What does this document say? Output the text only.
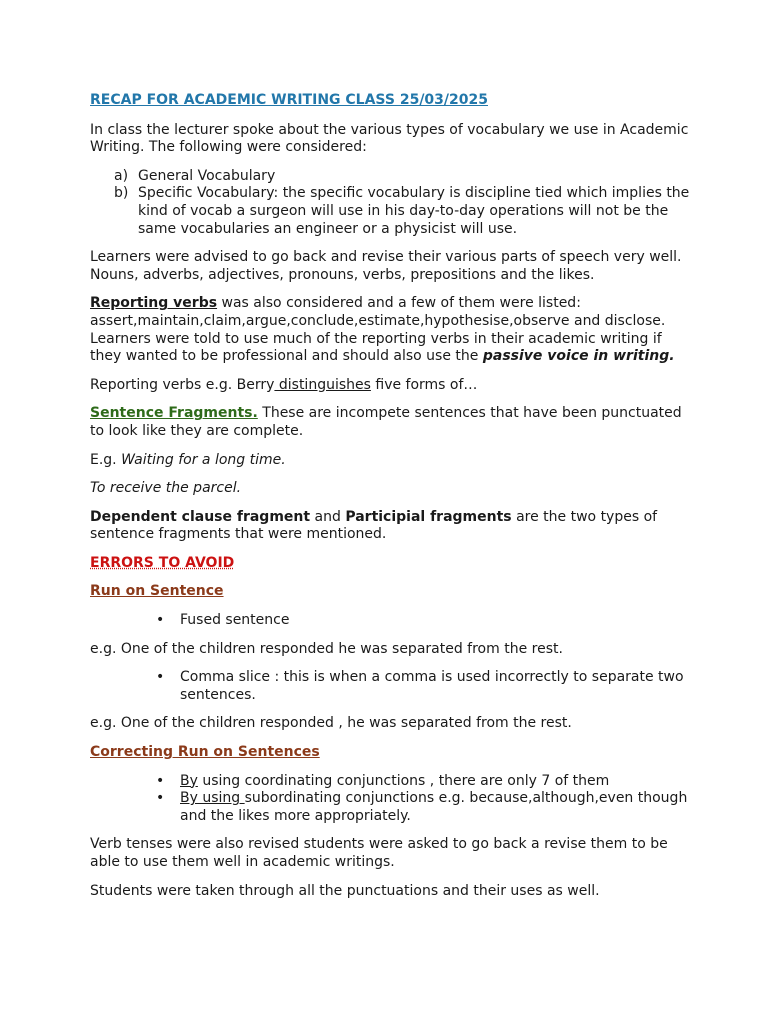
RECAP FOR ACADEMIC WRITING CLASS 25/03/2025

In class the lecturer spoke about the various types of vocabulary we use in Academic Writing. The following were considered:

a) General Vocabulary
b) Specific Vocabulary: the specific vocabulary is discipline tied which implies the kind of vocab a surgeon will use in his day-to-day operations will not be the same vocabularies an engineer or a physicist will use.

Learners were advised to go back and revise their various parts of speech very well. Nouns, adverbs, adjectives, pronouns, verbs, prepositions and the likes.

Reporting verbs was also considered and a few of them were listed: assert,maintain,claim,argue,conclude,estimate,hypothesise,observe and disclose. Learners were told to use much of the reporting verbs in their academic writing if they wanted to be professional and should also use the passive voice in writing.

Reporting verbs e.g. Berry distinguishes five forms of…

Sentence Fragments. These are incompete sentences that have been punctuated to look like they are complete.

E.g. Waiting for a long time.

To receive the parcel.

Dependent clause fragment and Participial fragments are the two types of sentence fragments that were mentioned.

ERRORS TO AVOID

Run on Sentence

• Fused sentence

e.g. One of the children responded he was separated from the rest.

• Comma slice : this is when a comma is used incorrectly to separate two sentences.

e.g. One of the children responded , he was separated from the rest.

Correcting Run on Sentences

• By using coordinating conjunctions , there are only 7 of them
• By using subordinating conjunctions e.g. because,although,even though and the likes more appropriately.

Verb tenses were also revised students were asked to go back a revise them to be able to use them well in academic writings.

Students were taken through all the punctuations and their uses as well.
